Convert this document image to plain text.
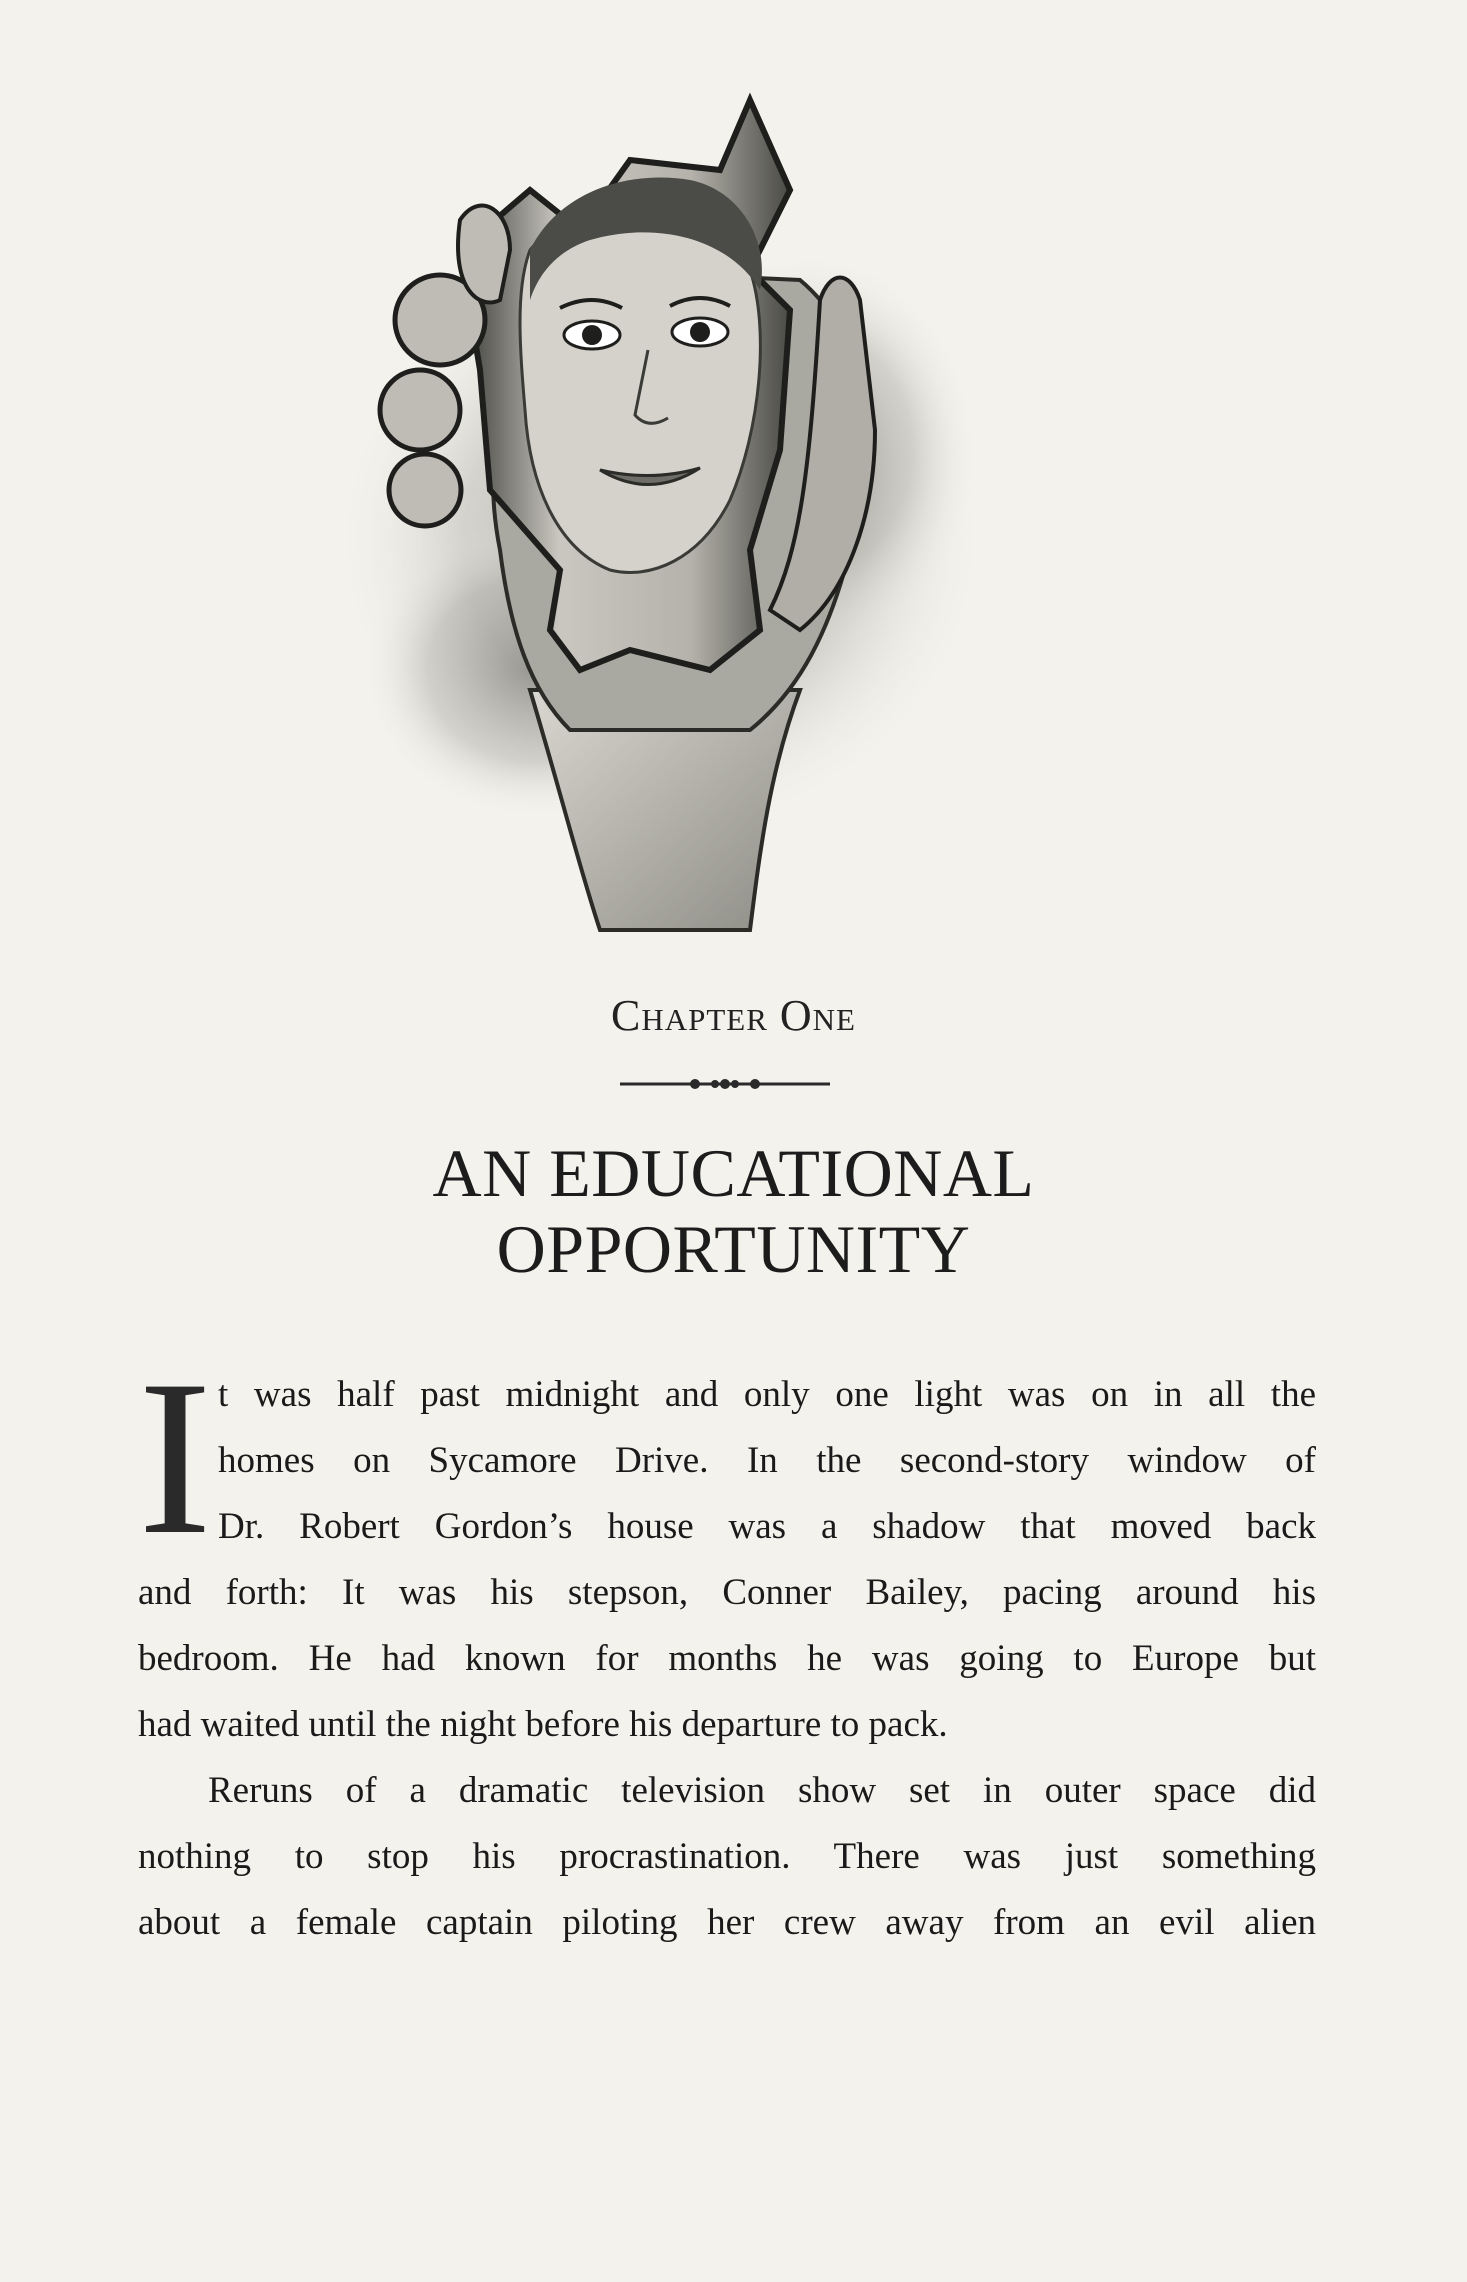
Chapter One
AN EDUCATIONAL
OPPORTUNITY
I t was half past midnight and only one light was on in all the
homes on Sycamore Drive. In the second-story window of
Dr. Robert Gordon’s house was a shadow that moved back
and forth: It was his stepson, Conner Bailey, pacing around his
bedroom. He had known for months he was going to Europe but
had waited until the night before his departure to pack.
Reruns of a dramatic television show set in outer space did
nothing to stop his procrastination. There was just something
about a female captain piloting her crew away from an evil alien
